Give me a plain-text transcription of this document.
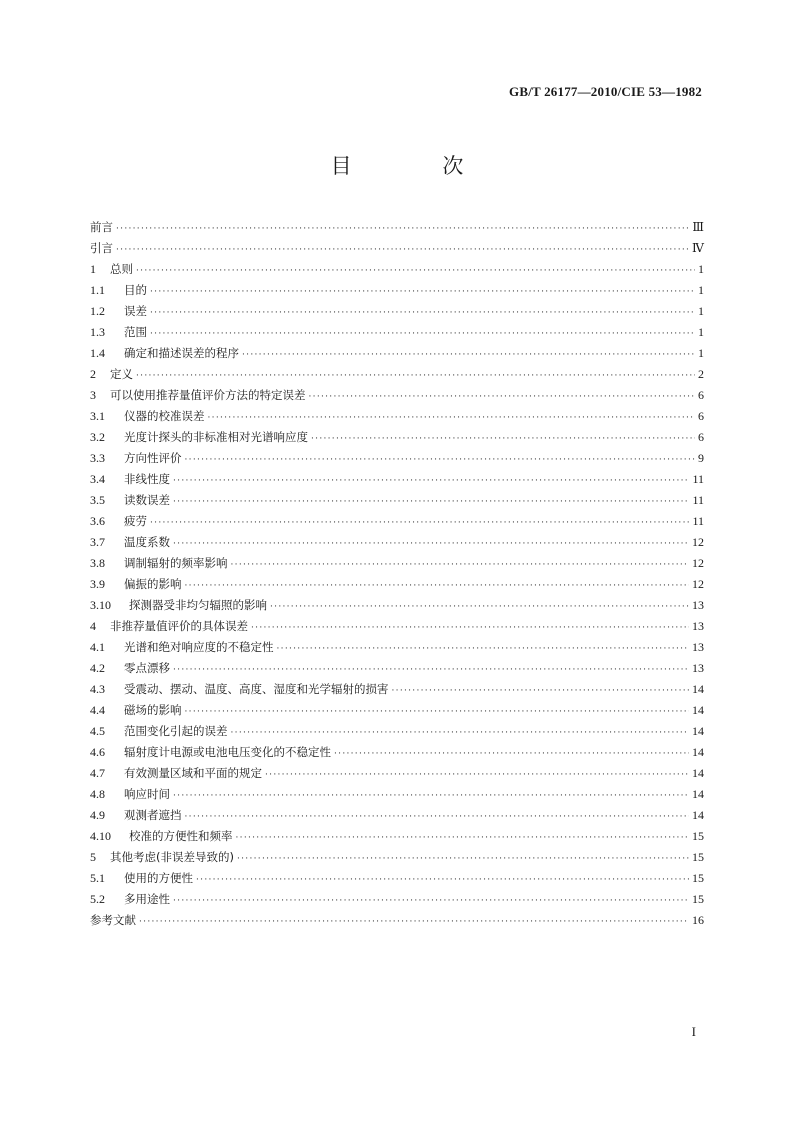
GB/T 26177—2010/CIE 53—1982
目 次
前言 ·····	Ⅲ
引言 ·····	Ⅳ
1	总则 ·····	1
1.1	目的 ·····	1
1.2	误差 ·····	1
1.3	范围 ·····	1
1.4	确定和描述误差的程序 ·····	1
2	定义 ·····	2
3	可以使用推荐量值评价方法的特定误差 ·····	6
3.1	仪器的校准误差 ·····	6
3.2	光度计探头的非标准相对光谱响应度 ·····	6
3.3	方向性评价 ·····	9
3.4	非线性度 ·····	11
3.5	读数误差 ·····	11
3.6	疲劳 ·····	11
3.7	温度系数 ·····	12
3.8	调制辐射的频率影响 ·····	12
3.9	偏振的影响 ·····	12
3.10	探测器受非均匀辐照的影响 ·····	13
4	非推荐量值评价的具体误差 ·····	13
4.1	光谱和绝对响应度的不稳定性 ·····	13
4.2	零点漂移 ·····	13
4.3	受震动、摆动、温度、高度、湿度和光学辐射的损害 ·····	14
4.4	磁场的影响 ·····	14
4.5	范围变化引起的误差 ·····	14
4.6	辐射度计电源或电池电压变化的不稳定性 ·····	14
4.7	有效测量区域和平面的规定 ·····	14
4.8	响应时间 ·····	14
4.9	观测者遮挡 ·····	14
4.10	校准的方便性和频率 ·····	15
5	其他考虑(非误差导致的) ·····	15
5.1	使用的方便性 ·····	15
5.2	多用途性 ·····	15
参考文献 ·····	16
I
